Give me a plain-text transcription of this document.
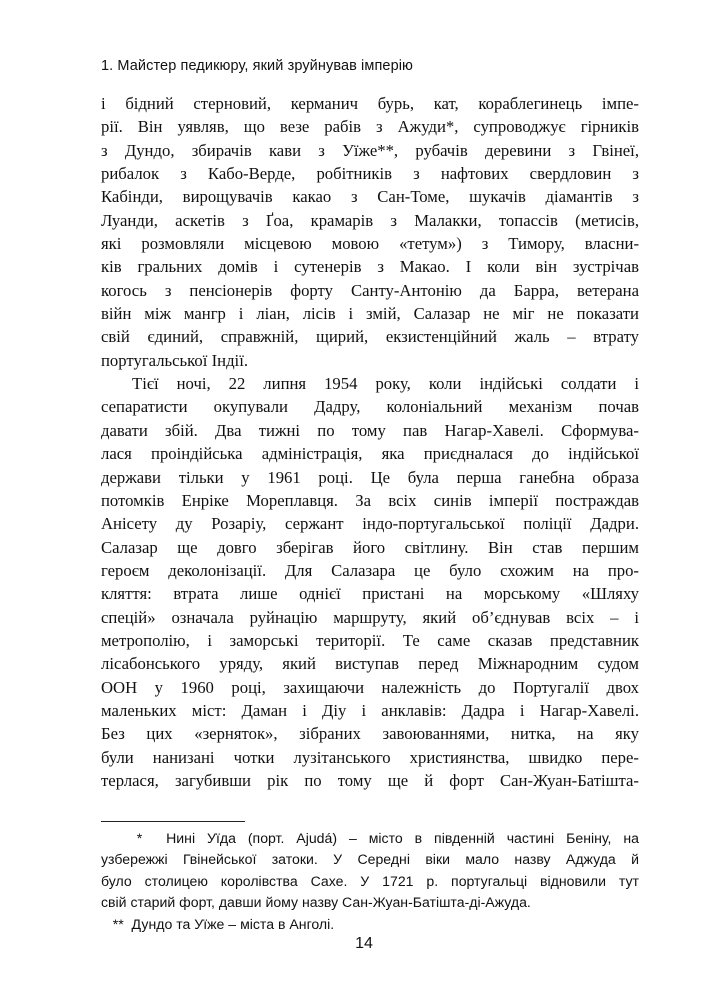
1. Майстер педикюру, який зруйнував імперію

і бідний стерновий, керманич бурь, кат, кораблегинець імпе-
рії. Він уявляв, що везе рабів з Ажуди*, супроводжує гірників
з Дундо, збирачів кави з Уїже**, рубачів деревини з Гвінеї,
рибалок з Кабо-Верде, робітників з нафтових свердловин з
Кабінди, вирощувачів какао з Сан-Томе, шукачів діамантів з
Луанди, аскетів з Ґоа, крамарів з Малакки, топассів (метисів,
які розмовляли місцевою мовою «тетум») з Тимору, власни-
ків гральних домів і сутенерів з Макао. І коли він зустрічав
когось з пенсіонерів форту Санту-Антонію да Барра, ветерана
війн між мангр і ліан, лісів і змій, Салазар не міг не показати
свій єдиний, справжній, щирий, екзистенційний жаль – втрату
португальської Індії.

Тієї ночі, 22 липня 1954 року, коли індійські солдати і
сепаратисти окупували Дадру, колоніальний механізм почав
давати збій. Два тижні по тому пав Нагар-Хавелі. Сформува-
лася проіндійська адміністрація, яка приєдналася до індійської
держави тільки у 1961 році. Це була перша ганебна образа
потомків Енріке Мореплавця. За всіх синів імперії постраждав
Анісету ду Розаріу, сержант індо-португальської поліції Дадри.
Салазар ще довго зберігав його світлину. Він став першим
героєм деколонізації. Для Салазара це було схожим на про-
кляття: втрата лише однієї пристані на морському «Шляху
спецій» означала руйнацію маршруту, який об’єднував всіх – і
метрополію, і заморські території. Те саме сказав представник
лісабонського уряду, який виступав перед Міжнародним судом
ООН у 1960 році, захищаючи належність до Португалії двох
маленьких міст: Даман і Діу і анклавів: Дадра і Нагар-Хавелі.
Без цих «зерняток», зібраних завоюваннями, нитка, на яку
були нанизані чотки лузітанського християнства, швидко пере-
терлася, загубивши рік по тому ще й форт Сан-Жуан-Батішта-

*  Нині Уїда (порт. Ajudá) – місто в південній частині Беніну, на
узбережжі Гвінейської затоки. У Середні віки мало назву Аджуда й
було столицею королівства Сахе. У 1721 р. португальці відновили тут
свій старий форт, давши йому назву Сан-Жуан-Батішта-ді-Ажуда.
**  Дундо та Уїже – міста в Анголі.
14
